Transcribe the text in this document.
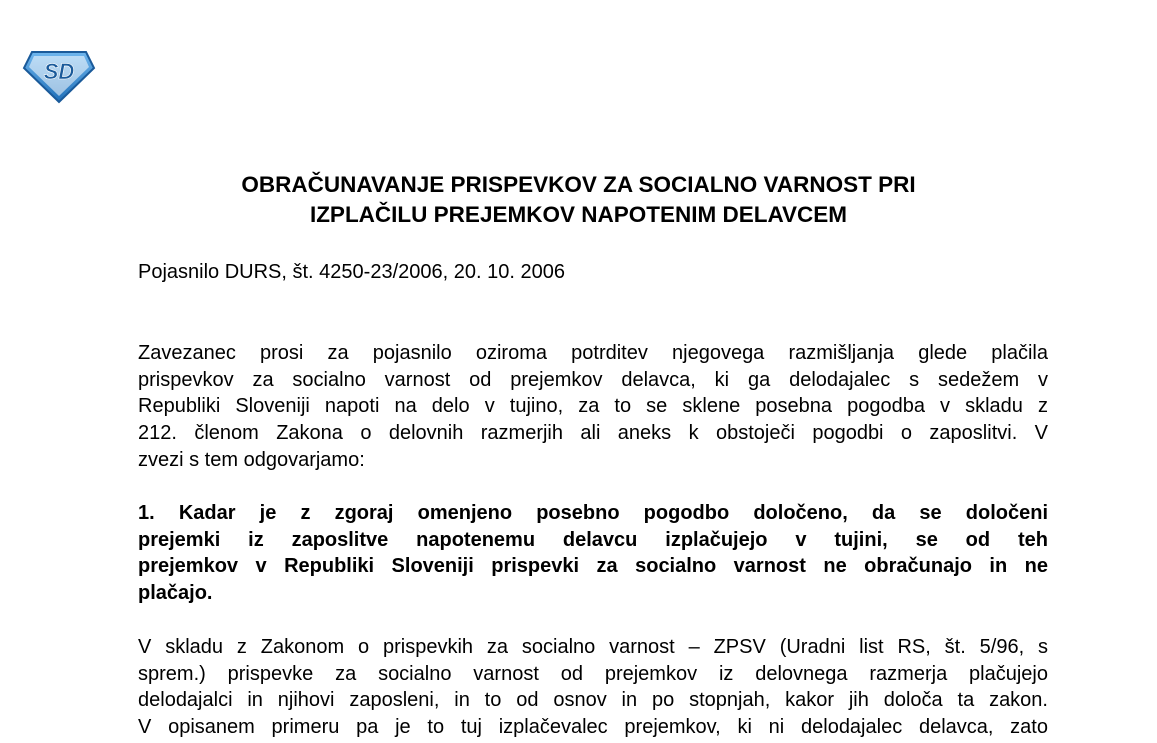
SD
OBRAČUNAVANJE PRISPEVKOV ZA SOCIALNO VARNOST PRI
IZPLAČILU PREJEMKOV NAPOTENIM DELAVCEM

Pojasnilo DURS, št. 4250-23/2006, 20. 10. 2006

Zavezanec prosi za pojasnilo oziroma potrditev njegovega razmišljanja glede plačila
prispevkov za socialno varnost od prejemkov delavca, ki ga delodajalec s sedežem v
Republiki Sloveniji napoti na delo v tujino, za to se sklene posebna pogodba v skladu z
212. členom Zakona o delovnih razmerjih ali aneks k obstoječi pogodbi o zaposlitvi. V
zvezi s tem odgovarjamo:
1. Kadar je z zgoraj omenjeno posebno pogodbo določeno, da se določeni
prejemki iz zaposlitve napotenemu delavcu izplačujejo v tujini, se od teh
prejemkov v Republiki Sloveniji prispevki za socialno varnost ne obračunajo in ne
plačajo.
V skladu z Zakonom o prispevkih za socialno varnost – ZPSV (Uradni list RS, št. 5/96, s
sprem.) prispevke za socialno varnost od prejemkov iz delovnega razmerja plačujejo
delodajalci in njihovi zaposleni, in to od osnov in po stopnjah, kakor jih določa ta zakon.
V opisanem primeru pa je to tuj izplačevalec prejemkov, ki ni delodajalec delavca, zato
